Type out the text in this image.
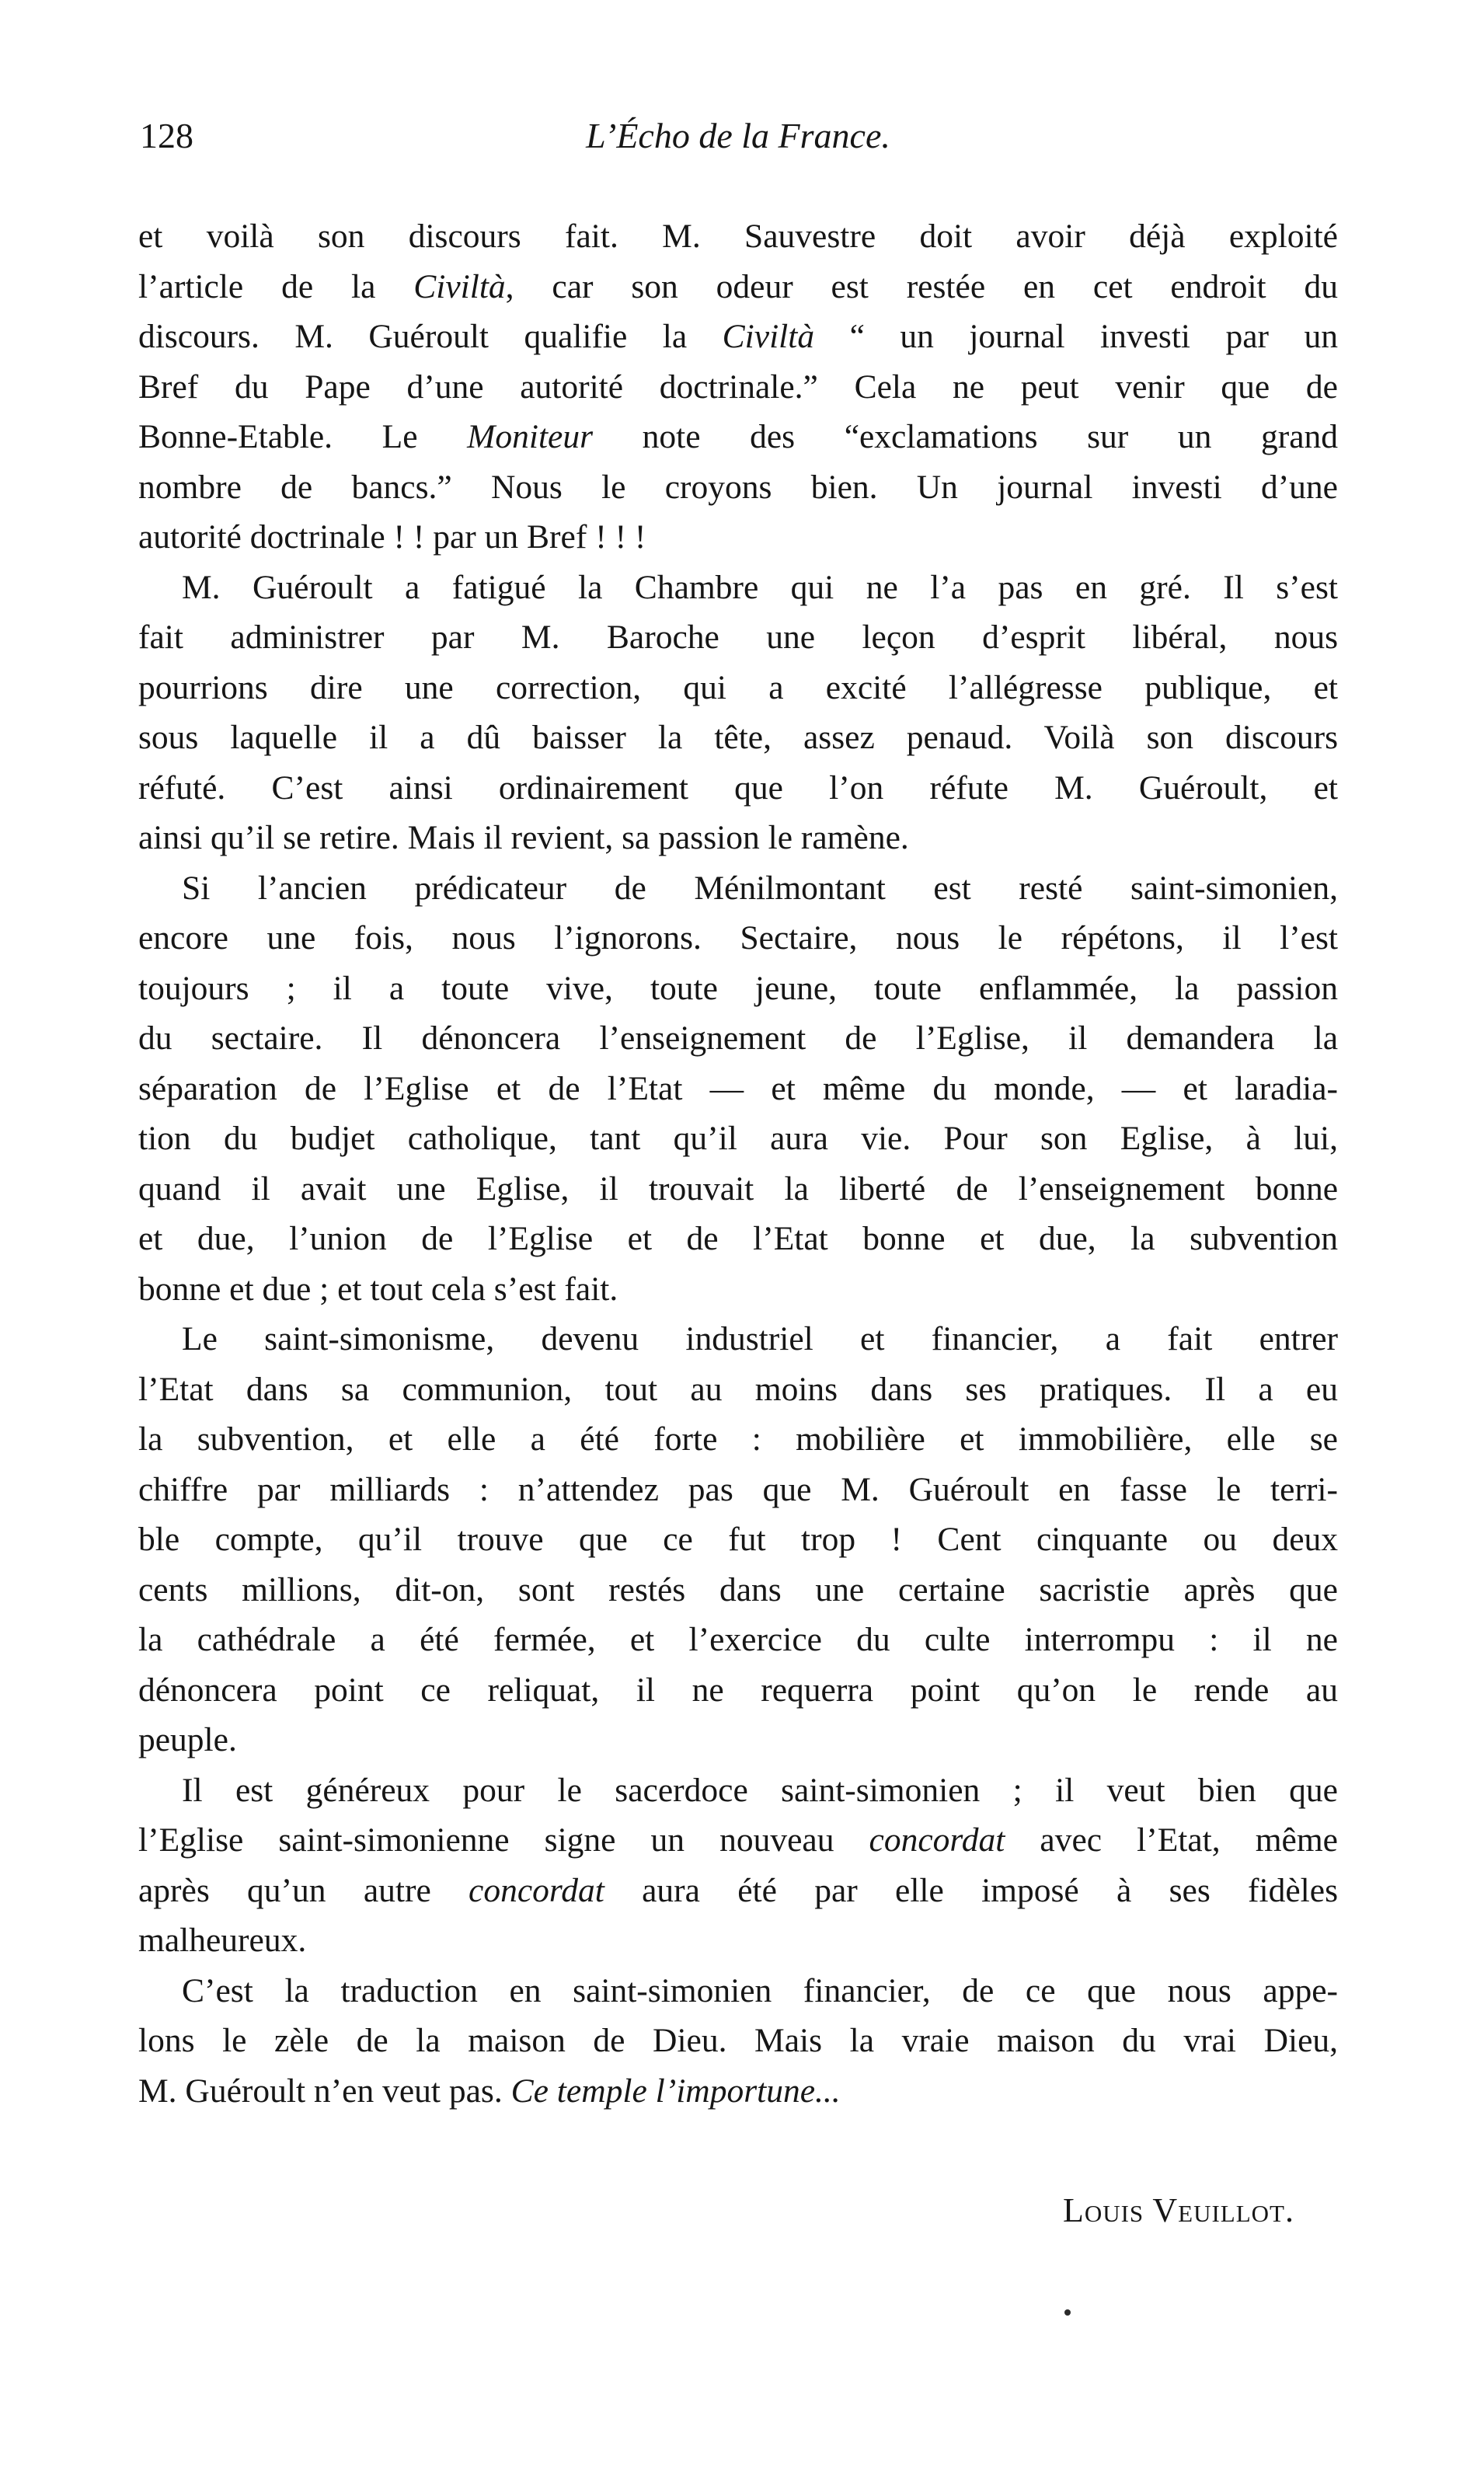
128	L’Écho de la France.
et voilà son discours fait. M. Sauvestre doit avoir déjà exploité
l’article de la Civiltà, car son odeur est restée en cet endroit du
discours. M. Guéroult qualifie la Civiltà “ un journal investi par un
Bref du Pape d’une autorité doctrinale.” Cela ne peut venir que de
Bonne-Etable. Le Moniteur note des “exclamations sur un grand
nombre de bancs.” Nous le croyons bien. Un journal investi d’une
autorité doctrinale ! ! par un Bref ! ! !
M. Guéroult a fatigué la Chambre qui ne l’a pas en gré. Il s’est
fait administrer par M. Baroche une leçon d’esprit libéral, nous
pourrions dire une correction, qui a excité l’allégresse publique, et
sous laquelle il a dû baisser la tête, assez penaud. Voilà son discours
réfuté. C’est ainsi ordinairement que l’on réfute M. Guéroult, et
ainsi qu’il se retire. Mais il revient, sa passion le ramène.
Si l’ancien prédicateur de Ménilmontant est resté saint-simonien,
encore une fois, nous l’ignorons. Sectaire, nous le répétons, il l’est
toujours ; il a toute vive, toute jeune, toute enflammée, la passion
du sectaire. Il dénoncera l’enseignement de l’Eglise, il demandera la
séparation de l’Eglise et de l’Etat — et même du monde, — et laradia-
tion du budjet catholique, tant qu’il aura vie. Pour son Eglise, à lui,
quand il avait une Eglise, il trouvait la liberté de l’enseignement bonne
et due, l’union de l’Eglise et de l’Etat bonne et due, la subvention
bonne et due ; et tout cela s’est fait.
Le saint-simonisme, devenu industriel et financier, a fait entrer
l’Etat dans sa communion, tout au moins dans ses pratiques. Il a eu
la subvention, et elle a été forte : mobilière et immobilière, elle se
chiffre par milliards : n’attendez pas que M. Guéroult en fasse le terri-
ble compte, qu’il trouve que ce fut trop ! Cent cinquante ou deux
cents millions, dit-on, sont restés dans une certaine sacristie après que
la cathédrale a été fermée, et l’exercice du culte interrompu : il ne
dénoncera point ce reliquat, il ne requerra point qu’on le rende au
peuple.
Il est généreux pour le sacerdoce saint-simonien ; il veut bien que
l’Eglise saint-simonienne signe un nouveau concordat avec l’Etat, même
après qu’un autre concordat aura été par elle imposé à ses fidèles
malheureux.
C’est la traduction en saint-simonien financier, de ce que nous appe-
lons le zèle de la maison de Dieu. Mais la vraie maison du vrai Dieu,
M. Guéroult n’en veut pas. Ce temple l’importune...
Louis Veuillot.
